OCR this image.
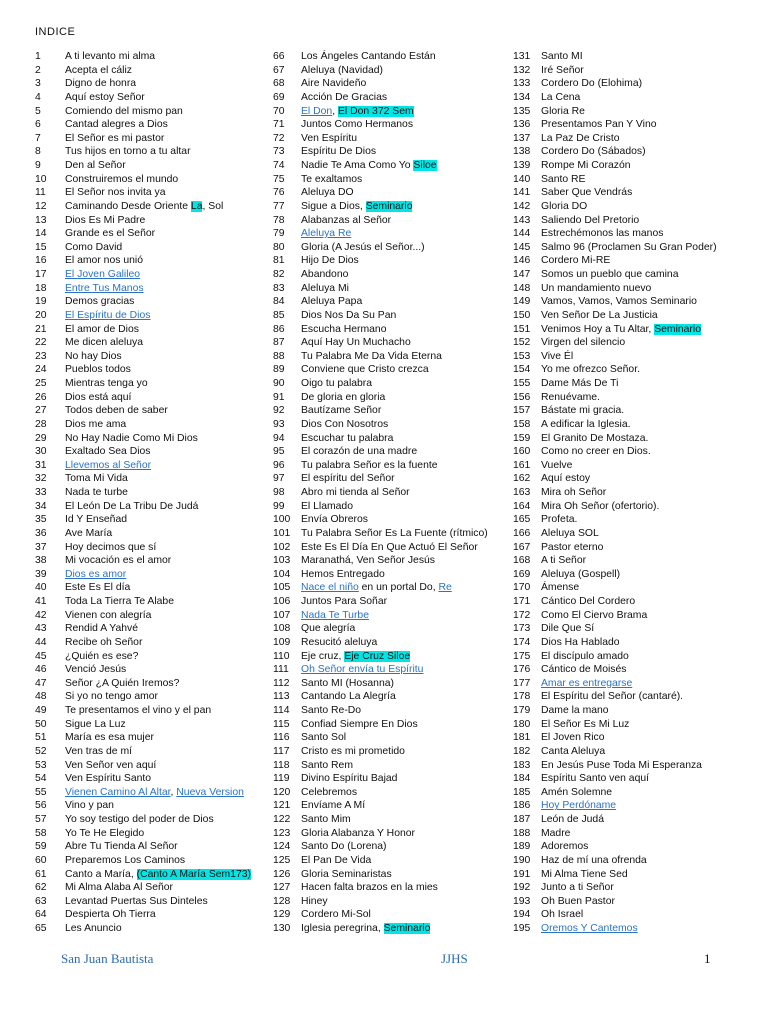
INDICE
1 A ti levanto mi alma
2 Acepta el cáliz
3 Digno de honra
4 Aquí estoy Señor
5 Comiendo del mismo pan
6 Cantad alegres a Dios
7 El Señor es mi pastor
8 Tus hijos en torno a tu altar
9 Den al Señor
10 Construiremos el mundo
11 El Señor nos invita ya
12 Caminando Desde Oriente La, Sol
13 Dios Es Mi Padre
14 Grande es el Señor
15 Como David
16 El amor nos unió
17 El Joven Galileo
18 Entre Tus Manos
19 Demos gracias
20 El Espíritu de Dios
21 El amor de Dios
22 Me dicen aleluya
23 No hay Dios
24 Pueblos todos
25 Mientras tenga yo
26 Dios está aquí
27 Todos deben de saber
28 Dios me ama
29 No Hay Nadie Como Mi Dios
30 Exaltado Sea Dios
31 Llevemos al Señor
32 Toma Mi Vida
33 Nada te turbe
34 El León De La Tribu De Judá
35 Id Y Enseñad
36 Ave María
37 Hoy decimos que sí
38 Mi vocación es el amor
39 Dios es amor
40 Este Es El día
41 Toda La Tierra Te Alabe
42 Vienen con alegría
43 Rendid A Yahvé
44 Recibe oh Señor
45 ¿Quién es ese?
46 Venció Jesús
47 Señor ¿A Quién Iremos?
48 Si yo no tengo amor
49 Te presentamos el vino y el pan
50 Sigue La Luz
51 María es esa mujer
52 Ven tras de mí
53 Ven Señor ven aquí
54 Ven Espíritu Santo
55 Vienen Camino Al Altar, Nueva Version
56 Vino y pan
57 Yo soy testigo del poder de Dios
58 Yo Te He Elegido
59 Abre Tu Tienda Al Señor
60 Preparemos Los Caminos
61 Canto a María, (Canto A María Sem173)
62 Mi Alma Alaba Al Señor
63 Levantad Puertas Sus Dinteles
64 Despierta Oh Tierra
65 Les Anuncio
66 Los Ángeles Cantando Están
67 Aleluya (Navidad)
68 Aire Navideño
69 Acción De Gracias
70 El Don, El Don 372 Sem
71 Juntos Como Hermanos
72 Ven Espíritu
73 Espíritu De Dios
74 Nadie Te Ama Como Yo Siloe
75 Te exaltamos
76 Aleluya DO
77 Sigue a Dios, Seminario
78 Alabanzas al Señor
79 Aleluya Re
80 Gloria (A Jesús el Señor...)
81 Hijo De Dios
82 Abandono
83 Aleluya Mi
84 Aleluya Papa
85 Dios Nos Da Su Pan
86 Escucha Hermano
87 Aquí Hay Un Muchacho
88 Tu Palabra Me Da Vida Eterna
89 Conviene que Cristo crezca
90 Oigo tu palabra
91 De gloria en gloria
92 Bautízame Señor
93 Dios Con Nosotros
94 Escuchar tu palabra
95 El corazón de una madre
96 Tu palabra Señor es la fuente
97 El espíritu del Señor
98 Abro mi tienda al Señor
99 El Llamado
100 Envía Obreros
101 Tu Palabra Señor Es La Fuente (rítmico)
102 Este Es El Día En Que Actuó El Señor
103 Maranathá, Ven Señor Jesús
104 Hemos Entregado
105 Nace el niño en un portal Do, Re
106 Juntos Para Soñar
107 Nada Te Turbe
108 Que alegría
109 Resucitó aleluya
110 Eje cruz, Eje Cruz Siloe
111 Oh Señor envía tu Espíritu
112 Santo MI (Hosanna)
113 Cantando La Alegría
114 Santo Re-Do
115 Confiad Siempre En Dios
116 Santo Sol
117 Cristo es mi prometido
118 Santo Rem
119 Divino Espíritu Bajad
120 Celebremos
121 Envíame A Mí
122 Santo Mim
123 Gloria Alabanza Y Honor
124 Santo Do (Lorena)
125 El Pan De Vida
126 Gloria Seminaristas
127 Hacen falta brazos en la mies
128 Hiney
129 Cordero Mi-Sol
130 Iglesia peregrina, Seminario
131 Santo MI
132 Iré Señor
133 Cordero Do (Elohima)
134 La Cena
135 Gloria Re
136 Presentamos Pan Y Vino
137 La Paz De Cristo
138 Cordero Do (Sábados)
139 Rompe Mi Corazón
140 Santo RE
141 Saber Que Vendrás
142 Gloria DO
143 Saliendo Del Pretorio
144 Estrechémonos las manos
145 Salmo 96 (Proclamen Su Gran Poder)
146 Cordero Mi-RE
147 Somos un pueblo que camina
148 Un mandamiento nuevo
149 Vamos, Vamos, Vamos Seminario
150 Ven Señor De La Justicia
151 Venimos Hoy a Tu Altar, Seminario
152 Virgen del silencio
153 Vive Él
154 Yo me ofrezco Señor.
155 Dame Más De Ti
156 Renuévame.
157 Bástate mi gracia.
158 A edificar la Iglesia.
159 El Granito De Mostaza.
160 Como no creer en Dios.
161 Vuelve
162 Aquí estoy
163 Mira oh Señor
164 Mira Oh Señor (ofertorio).
165 Profeta.
166 Aleluya SOL
167 Pastor eterno
168 A ti Señor
169 Aleluya (Gospell)
170 Ámense
171 Cántico Del Cordero
172 Como El Ciervo Brama
173 Dile Que Sí
174 Dios Ha Hablado
175 El discípulo amado
176 Cántico de Moisés
177 Amar es entregarse
178 El Espíritu del Señor (cantaré).
179 Dame la mano
180 El Señor Es Mi Luz
181 El Joven Rico
182 Canta Aleluya
183 En Jesús Puse Toda Mi Esperanza
184 Espíritu Santo ven aquí
185 Amén Solemne
186 Hoy Perdóname
187 León de Judá
188 Madre
189 Adoremos
190 Haz de mí una ofrenda
191 Mi Alma Tiene Sed
192 Junto a ti Señor
193 Oh Buen Pastor
194 Oh Israel
195 Oremos Y Cantemos
San Juan Bautista	JJHS	1
